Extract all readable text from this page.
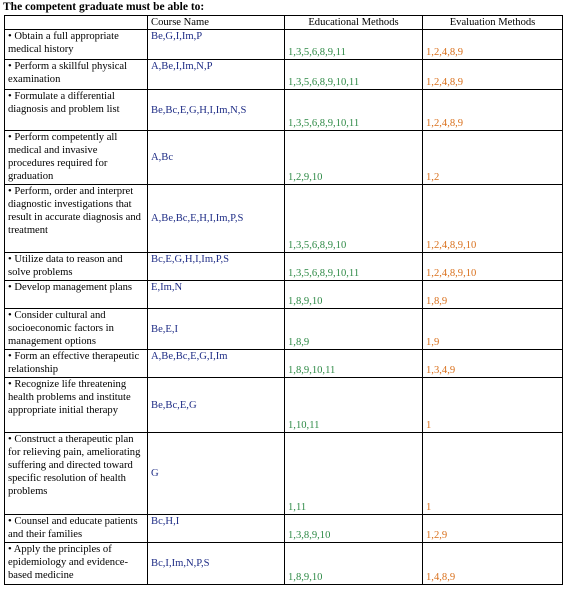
The competent graduate must be able to:
	Course Name	Educational Methods	Evaluation Methods
• Obtain a full appropriate medical history	Be,G,I,Im,P	1,3,5,6,8,9,11	1,2,4,8,9
• Perform a skillful physical examination	A,Be,I,Im,N,P	1,3,5,6,8,9,10,11	1,2,4,8,9
• Formulate a differential diagnosis and problem list	Be,Bc,E,G,H,I,Im,N,S	1,3,5,6,8,9,10,11	1,2,4,8,9
• Perform competently all medical and invasive procedures required for graduation	A,Bc	1,2,9,10	1,2
• Perform, order and interpret diagnostic investigations that result in accurate diagnosis and treatment	A,Be,Bc,E,H,I,Im,P,S	1,3,5,6,8,9,10	1,2,4,8,9,10
• Utilize data to reason and solve problems	Bc,E,G,H,I,Im,P,S	1,3,5,6,8,9,10,11	1,2,4,8,9,10
• Develop management plans	E,Im,N	1,8,9,10	1,8,9
• Consider cultural and socioeconomic factors in management options	Be,E,I	1,8,9	1,9
• Form an effective therapeutic relationship	A,Be,Bc,E,G,I,Im	1,8,9,10,11	1,3,4,9
• Recognize life threatening health problems and institute appropriate initial therapy	Be,Bc,E,G	1,10,11	1
• Construct a therapeutic plan for relieving pain, ameliorating suffering and directed toward specific resolution of health problems	G	1,11	1
• Counsel and educate patients and their families	Bc,H,I	1,3,8,9,10	1,2,9
• Apply the principles of epidemiology and evidence-based medicine	Bc,I,Im,N,P,S	1,8,9,10	1,4,8,9
